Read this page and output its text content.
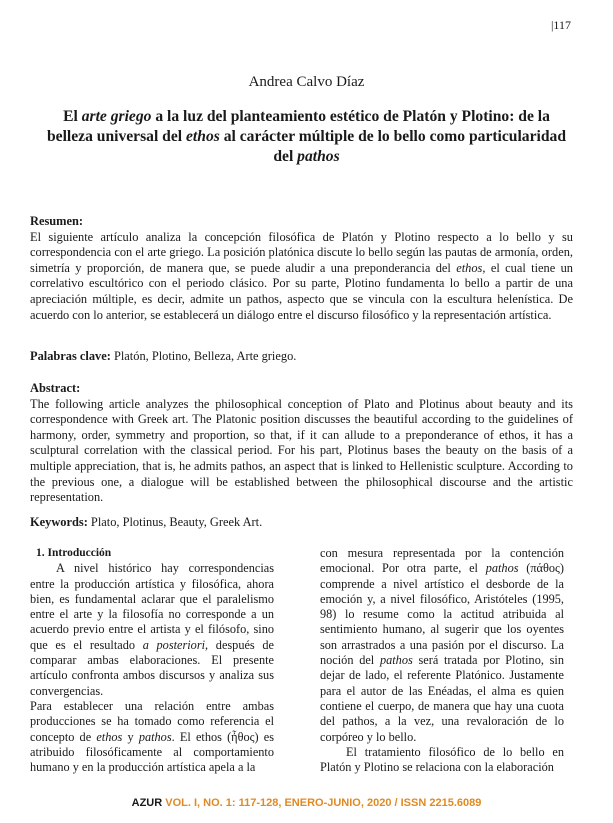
|117
Andrea Calvo Díaz
El arte griego a la luz del planteamiento estético de Platón y Plotino: de la belleza universal del ethos al carácter múltiple de lo bello como particularidad del pathos
Resumen:

El siguiente artículo analiza la concepción filosófica de Platón y Plotino respecto a lo bello y su correspondencia con el arte griego. La posición platónica discute lo bello según las pautas de armonía, orden, simetría y proporción, de manera que, se puede aludir a una preponderancia del ethos, el cual tiene un correlativo escultórico con el periodo clásico. Por su parte, Plotino fundamenta lo bello a partir de una apreciación múltiple, es decir, admite un pathos, aspecto que se vincula con la escultura helenística. De acuerdo con lo anterior, se establecerá un diálogo entre el discurso filosófico y la representación artística.

Palabras clave: Platón, Plotino, Belleza, Arte griego.

Abstract:

The following article analyzes the philosophical conception of Plato and Plotinus about beauty and its correspondence with Greek art. The Platonic position discusses the beautiful according to the guidelines of harmony, order, symmetry and proportion, so that, if it can allude to a preponderance of ethos, it has a sculptural correlation with the classical period. For his part, Plotinus bases the beauty on the basis of a multiple appreciation, that is, he admits pathos, an aspect that is linked to Hellenistic sculpture. According to the previous one, a dialogue will be established between the philosophical discourse and the artistic representation.

Keywords: Plato, Plotinus, Beauty, Greek Art.

1. Introducción

A nivel histórico hay correspondencias entre la producción artística y filosófica, ahora bien, es fundamental aclarar que el paralelismo entre el arte y la filosofía no corresponde a un acuerdo previo entre el artista y el filósofo, sino que es el resultado a posteriori, después de comparar ambas elaboraciones. El presente artículo confronta ambos discursos y analiza sus convergencias.

Para establecer una relación entre ambas producciones se ha tomado como referencia el concepto de ethos y pathos. El ethos (ἦθος) es atribuido filosóficamente al comportamiento humano y en la producción artística apela a la

con mesura representada por la contención emocional. Por otra parte, el pathos (πάθος) comprende a nivel artístico el desborde de la emoción y, a nivel filosófico, Aristóteles (1995, 98) lo resume como la actitud atribuida al sentimiento humano, al sugerir que los oyentes son arrastrados a una pasión por el discurso. La noción del pathos será tratada por Plotino, sin dejar de lado, el referente Platónico. Justamente para el autor de las Enéadas, el alma es quien contiene el cuerpo, de manera que hay una cuota del pathos, a la vez, una revaloración de lo corpóreo y lo bello.

El tratamiento filosófico de lo bello en Platón y Plotino se relaciona con la elaboración

AZUR VOL. I, NO. 1: 117-128, ENERO-JUNIO, 2020 / ISSN 2215.6089
